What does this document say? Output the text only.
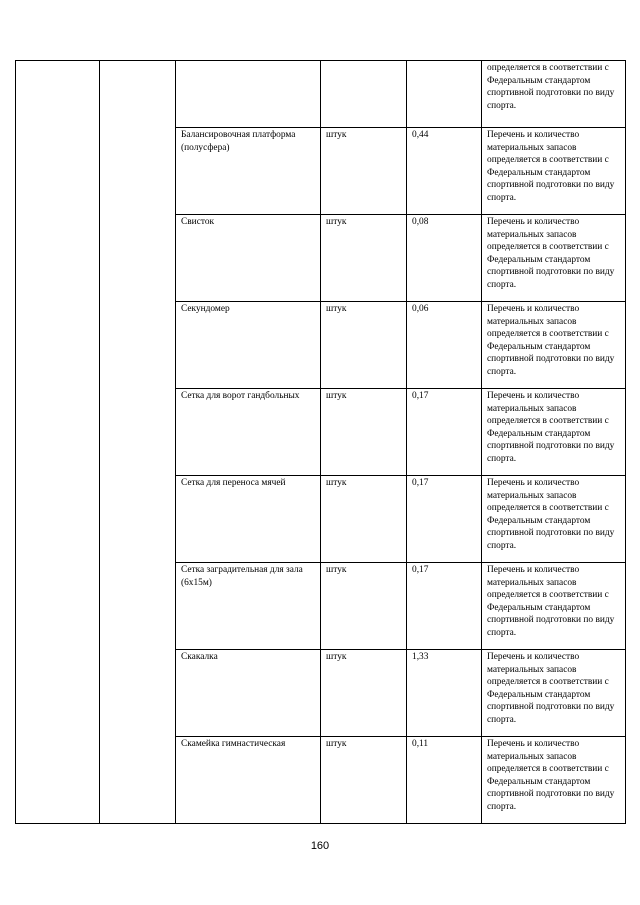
					определяется в соответствии с Федеральным стандартом спортивной подготовки по виду спорта.
		Балансировочная платформа (полусфера)	штук	0,44	Перечень и количество материальных запасов определяется в соответствии с Федеральным стандартом спортивной подготовки по виду спорта.
		Свисток	штук	0,08	Перечень и количество материальных запасов определяется в соответствии с Федеральным стандартом спортивной подготовки по виду спорта.
		Секундомер	штук	0,06	Перечень и количество материальных запасов определяется в соответствии с Федеральным стандартом спортивной подготовки по виду спорта.
		Сетка для ворот гандбольных	штук	0,17	Перечень и количество материальных запасов определяется в соответствии с Федеральным стандартом спортивной подготовки по виду спорта.
		Сетка для переноса мячей	штук	0,17	Перечень и количество материальных запасов определяется в соответствии с Федеральным стандартом спортивной подготовки по виду спорта.
		Сетка заградительная для зала (6х15м)	штук	0,17	Перечень и количество материальных запасов определяется в соответствии с Федеральным стандартом спортивной подготовки по виду спорта.
		Скакалка	штук	1,33	Перечень и количество материальных запасов определяется в соответствии с Федеральным стандартом спортивной подготовки по виду спорта.
		Скамейка гимнастическая	штук	0,11	Перечень и количество материальных запасов определяется в соответствии с Федеральным стандартом спортивной подготовки по виду спорта.
160
